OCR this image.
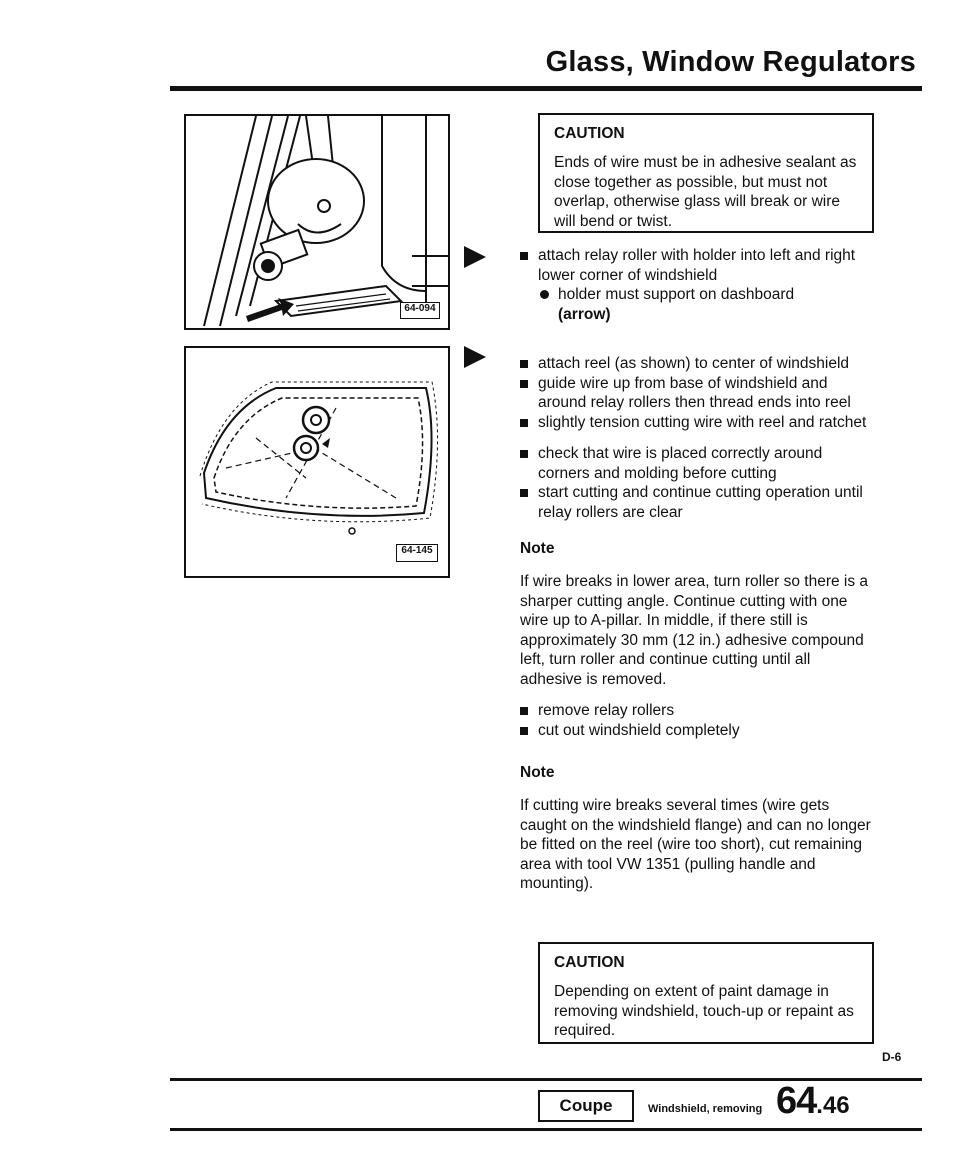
Glass, Window Regulators
64-094
64-145
CAUTION
Ends of wire must be in adhesive sealant as close together as possible, but must not overlap, otherwise glass will break or wire will bend or twist.
attach relay roller with holder into left and right lower corner of windshield
holder must support on dashboard
(arrow)
attach reel (as shown) to center of windshield
guide wire up from base of windshield and around relay rollers then thread ends into reel
slightly tension cutting wire with reel and ratchet
check that wire is placed correctly around corners and molding before cutting
start cutting and continue cutting operation until relay rollers are clear
Note
If wire breaks in lower area, turn roller so there is a sharper cutting angle. Continue cutting with one wire up to A-pillar. In middle, if there still is approximately 30 mm (12 in.) adhesive compound left, turn roller and continue cutting until all adhesive is removed.
remove relay rollers
cut out windshield completely
Note
If cutting wire breaks several times (wire gets caught on the windshield flange) and can no longer be fitted on the reel (wire too short), cut remaining area with tool VW 1351 (pulling handle and mounting).
CAUTION
Depending on extent of paint damage in removing windshield, touch-up or repaint as required.
D-6
Coupe	Windshield, removing 64.46
